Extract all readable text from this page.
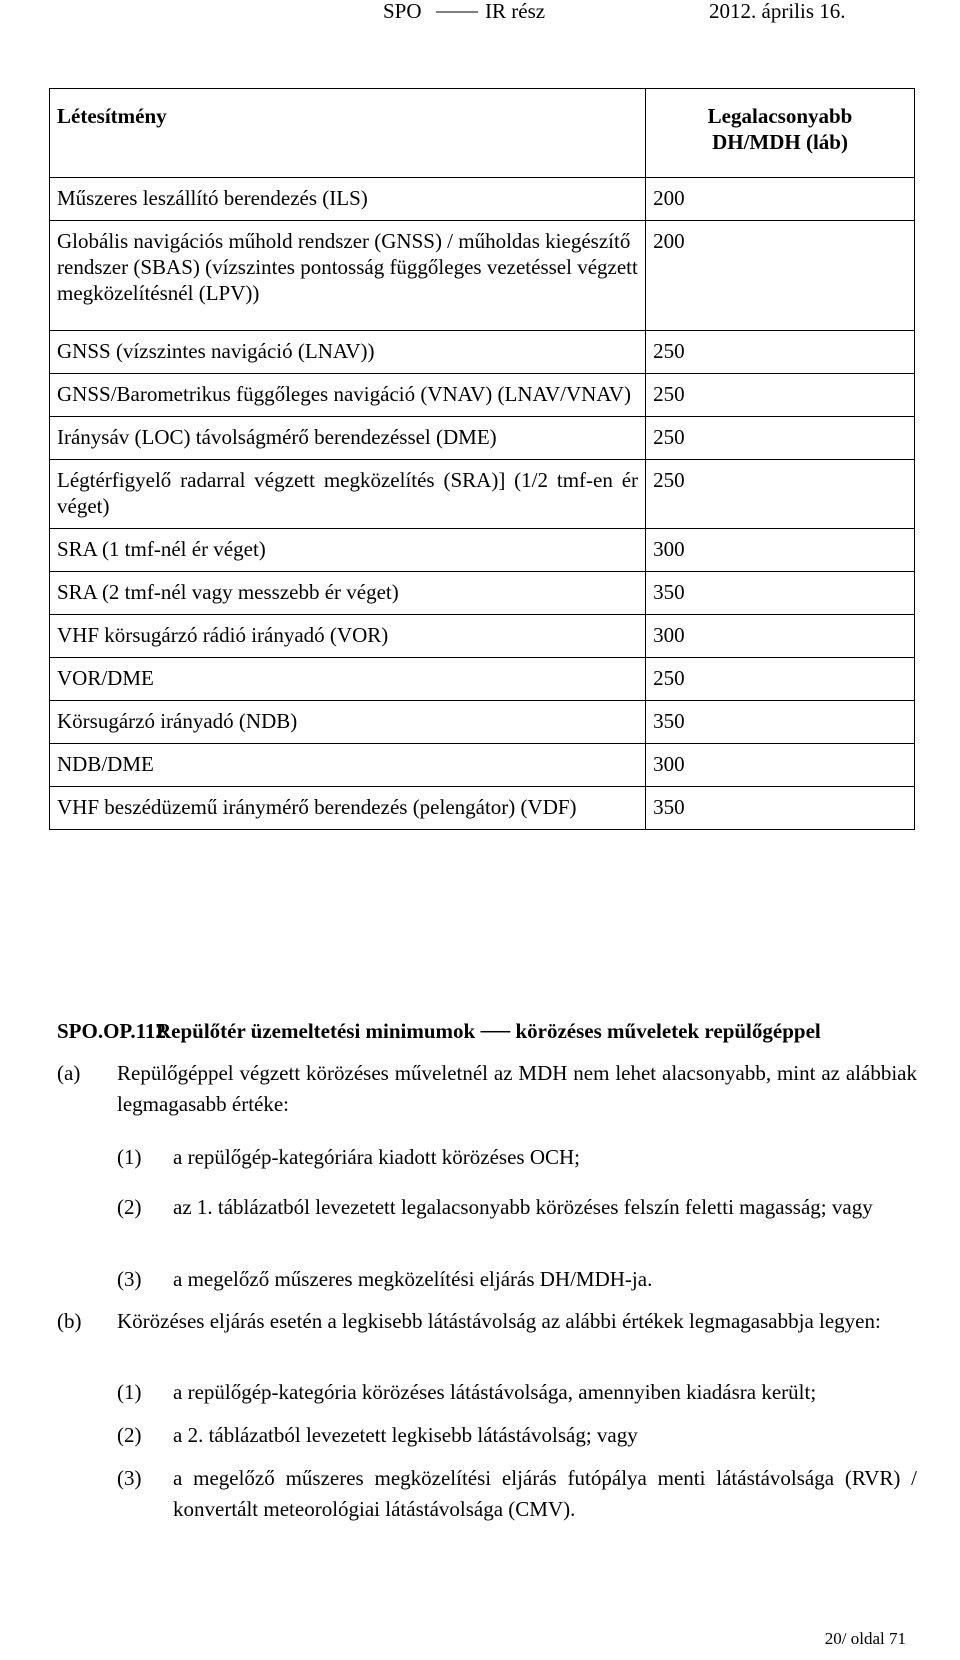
SPO —— IR rész	2012. április 16.
Létesítmény	Legalacsonyabb
DH/MDH (láb)
Műszeres leszállító berendezés (ILS)	200
Globális navigációs műhold rendszer (GNSS) / műholdas kiegészítő rendszer (SBAS) (vízszintes pontosság függőleges vezetéssel végzett megközelítésnél (LPV))	200
GNSS (vízszintes navigáció (LNAV))	250
GNSS/Barometrikus függőleges navigáció (VNAV) (LNAV/VNAV)	250
Iránysáv (LOC) távolságmérő berendezéssel (DME)	250
Légtérfigyelő radarral végzett megközelítés (SRA)] (1/2 tmf-en ér véget)	250
SRA (1 tmf-nél ér véget)	300
SRA (2 tmf-nél vagy messzebb ér véget)	350
VHF körsugárzó rádió irányadó (VOR)	300
VOR/DME	250
Körsugárzó irányadó (NDB)	350
NDB/DME	300
VHF beszédüzemű iránymérő berendezés (pelengátor) (VDF)	350
SPO.OP.112
Repülőtér üzemeltetési minimumok ── körözéses műveletek repülőgéppel
(a) Repülőgéppel végzett körözéses műveletnél az MDH nem lehet alacsonyabb, mint az alábbiak legmagasabb értéke:
(1) a repülőgép-kategóriára kiadott körözéses OCH;
(2) az 1. táblázatból levezetett legalacsonyabb körözéses felszín feletti magasság; vagy
(3) a megelőző műszeres megközelítési eljárás DH/MDH-ja.
(b) Körözéses eljárás esetén a legkisebb látástávolság az alábbi értékek legmagasabbja legyen:
(1) a repülőgép-kategória körözéses látástávolsága, amennyiben kiadásra került;
(2) a 2. táblázatból levezetett legkisebb látástávolság; vagy
(3) a megelőző műszeres megközelítési eljárás futópálya menti látástávolsága (RVR) / konvertált meteorológiai látástávolsága (CMV).
20/ oldal 71
